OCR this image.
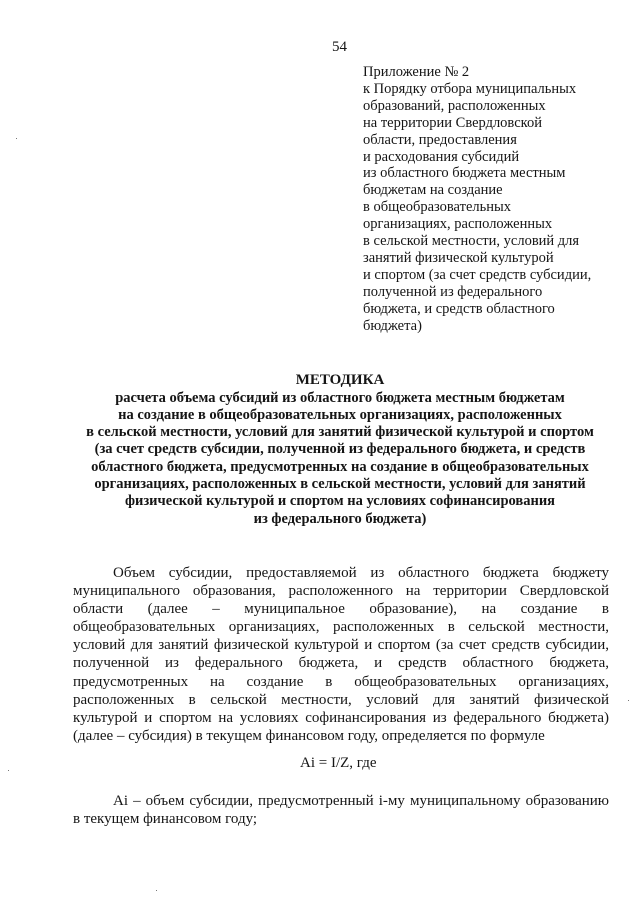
54
Приложение № 2
к Порядку отбора муниципальных
образований, расположенных
на территории Свердловской
области, предоставления
и расходования субсидий
из областного бюджета местным
бюджетам на создание
в общеобразовательных
организациях, расположенных
в сельской местности, условий для
занятий физической культурой
и спортом (за счет средств субсидии,
полученной из федерального
бюджета, и средств областного
бюджета)
МЕТОДИКА
расчета объема субсидий из областного бюджета местным бюджетам
на создание в общеобразовательных организациях, расположенных
в сельской местности, условий для занятий физической культурой и спортом
(за счет средств субсидии, полученной из федерального бюджета, и средств
областного бюджета, предусмотренных на создание в общеобразовательных
организациях, расположенных в сельской местности, условий для занятий
физической культурой и спортом на условиях софинансирования
из федерального бюджета)
Объем субсидии, предоставляемой из областного бюджета бюджету
муниципального образования, расположенного на территории Свердловской
области (далее – муниципальное образование), на создание в
общеобразовательных организациях, расположенных в сельской местности,
условий для занятий физической культурой и спортом (за счет средств субсидии,
полученной из федерального бюджета, и средств областного бюджета,
предусмотренных на создание в общеобразовательных организациях,
расположенных в сельской местности, условий для занятий физической
культурой и спортом на условиях софинансирования из федерального бюджета)
(далее – субсидия) в текущем финансовом году, определяется по формуле
Ai = I/Z, где
Ai – объем субсидии, предусмотренный i-му муниципальному образованию
в текущем финансовом году;
